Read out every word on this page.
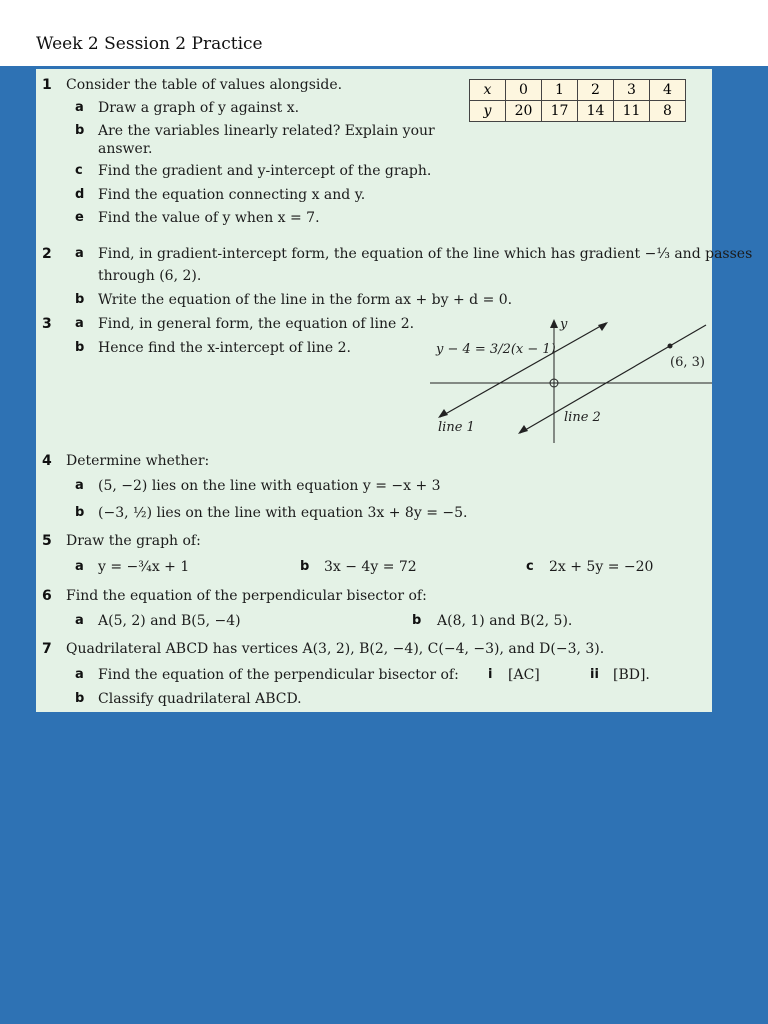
Week 2 Session 2 Practice
1 Consider the table of values alongside.
a Draw a graph of y against x.
b Are the variables linearly related? Explain your
answer.
c Find the gradient and y-intercept of the graph.
d Find the equation connecting x and y.
e Find the value of y when x = 7.
x	0	1	2	3	4
y	20	17	14	11	8
2 a Find, in gradient-intercept form, the equation of the line which has gradient −⅓ and passes
through (6, 2).
b Write the equation of the line in the form ax + by + d = 0.
3 a Find, in general form, the equation of line 2.
b Hence find the x-intercept of line 2.
y
y − 4 = 3/2(x − 1)
(6, 3)
line 1
line 2
4 Determine whether:
a (5, −2) lies on the line with equation y = −x + 3
b (−3, ½) lies on the line with equation 3x + 8y = −5.
5 Draw the graph of:
a y = −¾x + 1	b 3x − 4y = 72	c 2x + 5y = −20
6 Find the equation of the perpendicular bisector of:
a A(5, 2) and B(5, −4)	b A(8, 1) and B(2, 5).
7 Quadrilateral ABCD has vertices A(3, 2), B(2, −4), C(−4, −3), and D(−3, 3).
a Find the equation of the perpendicular bisector of: i [AC]	ii [BD].
b Classify quadrilateral ABCD.
